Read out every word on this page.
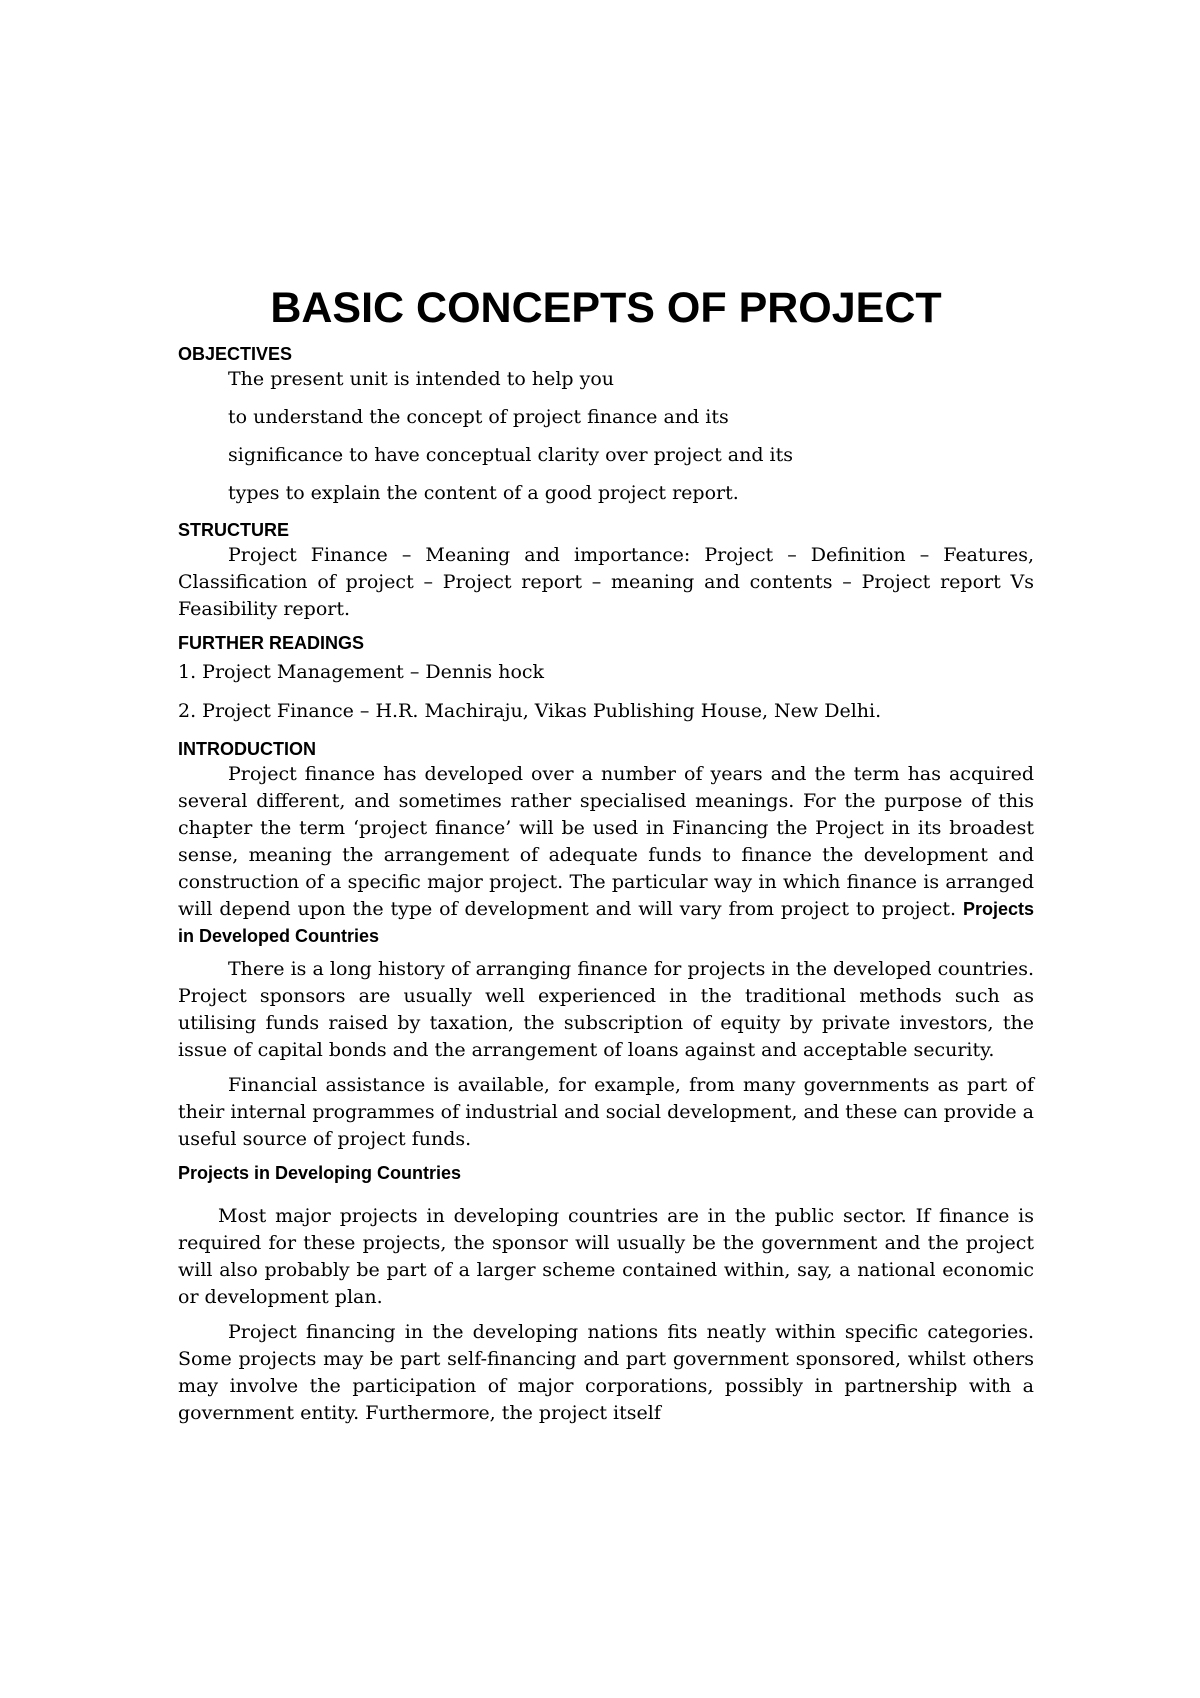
BASIC CONCEPTS OF PROJECT
OBJECTIVES
The present unit is intended to help you
to understand the concept of project finance and its
significance to have conceptual clarity over project and its
types to explain the content of a good project report.
STRUCTURE

Project Finance – Meaning and importance: Project – Definition – Features, Classification of project – Project report – meaning and contents – Project report Vs Feasibility report.

FURTHER READINGS
1. Project Management – Dennis hock
2. Project Finance – H.R. Machiraju, Vikas Publishing House, New Delhi.
INTRODUCTION

Project finance has developed over a number of years and the term has acquired several different, and sometimes rather specialised meanings. For the purpose of this chapter the term ‘project finance’ will be used in Financing the Project in its broadest sense, meaning the arrangement of adequate funds to finance the development and construction of a specific major project. The particular way in which finance is arranged will depend upon the type of development and will vary from project to project. Projects in Developed Countries

There is a long history of arranging finance for projects in the developed countries. Project sponsors are usually well experienced in the traditional methods such as utilising funds raised by taxation, the subscription of equity by private investors, the issue of capital bonds and the arrangement of loans against and acceptable security.

Financial assistance is available, for example, from many governments as part of their internal programmes of industrial and social development, and these can provide a useful source of project funds.

Projects in Developing Countries

Most major projects in developing countries are in the public sector. If finance is required for these projects, the sponsor will usually be the government and the project will also probably be part of a larger scheme contained within, say, a national economic or development plan.

Project financing in the developing nations fits neatly within specific categories. Some projects may be part self-financing and part government sponsored, whilst others may involve the participation of major corporations, possibly in partnership with a government entity. Furthermore, the project itself
